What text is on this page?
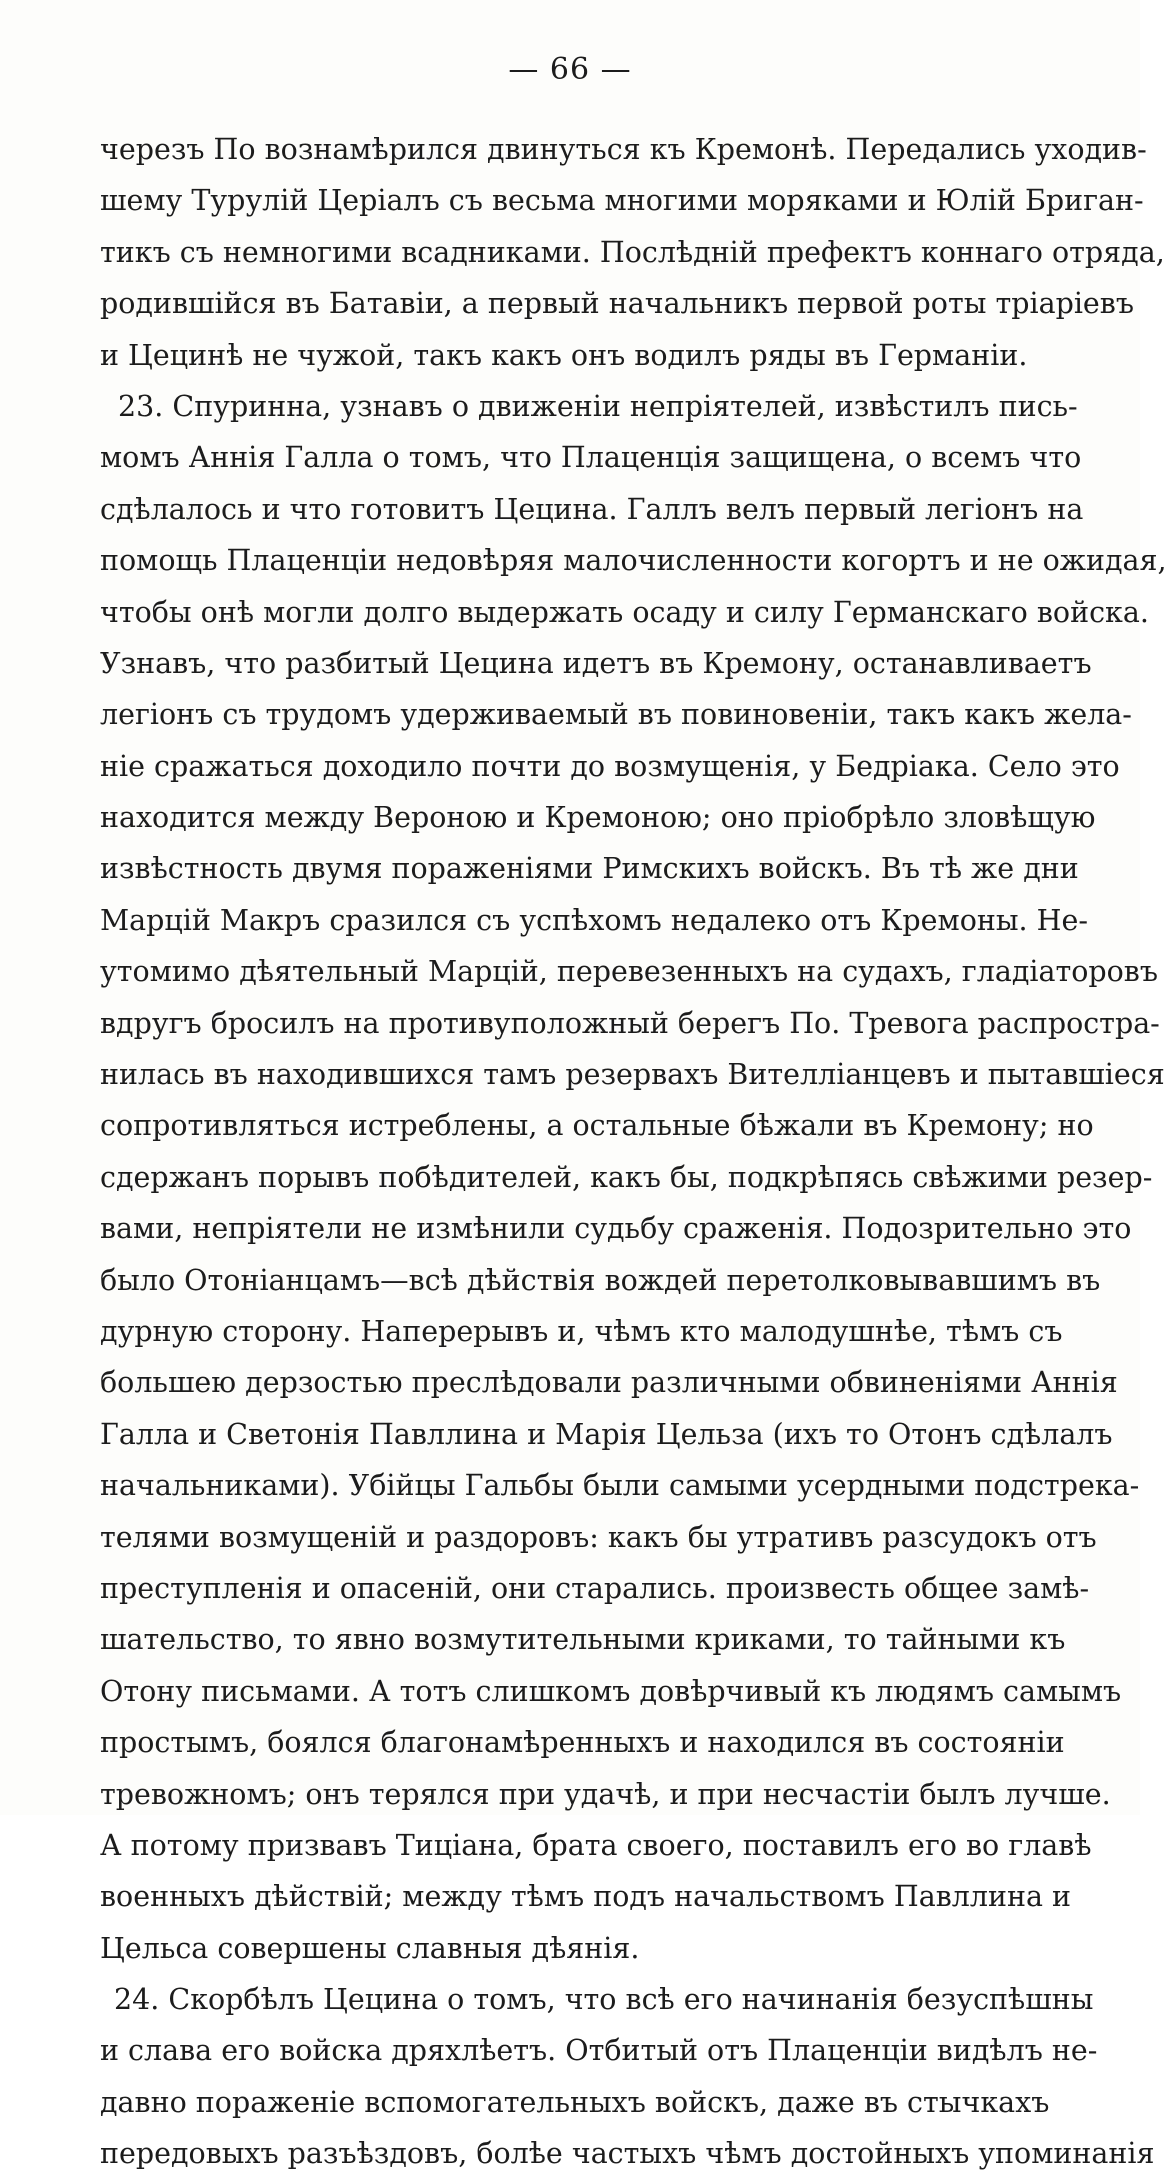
— 66 —
черезъ По вознамѣрился двинуться къ Кремонѣ. Передались уходив-
шему Турулій Церіалъ съ весьма многими моряками и Юлій Бриган-
тикъ съ немногими всадниками. Послѣдній префектъ коннаго отряда,
родившійся въ Батавіи, а первый начальникъ первой роты тріаріевъ
и Цецинѣ не чужой, такъ какъ онъ водилъ ряды въ Германіи.
23. Спуринна, узнавъ о движеніи непріятелей, извѣстилъ пись-
момъ Аннія Галла о томъ, что Плаценція защищена, о всемъ что
сдѣлалось и что готовитъ Цецина. Галлъ велъ первый легіонъ на
помощь Плаценціи недовѣряя малочисленности когортъ и не ожидая,
чтобы онѣ могли долго выдержать осаду и силу Германскаго войска.
Узнавъ, что разбитый Цецина идетъ въ Кремону, останавливаетъ
легіонъ съ трудомъ удерживаемый въ повиновеніи, такъ какъ жела-
ніе сражаться доходило почти до возмущенія, у Бедріака. Село это
находится между Вероною и Кремоною; оно пріобрѣло зловѣщую
извѣстность двумя пораженіями Римскихъ войскъ. Въ тѣ же дни
Марцій Макръ сразился съ успѣхомъ недалеко отъ Кремоны. Не-
утомимо дѣятельный Марцій, перевезенныхъ на судахъ, гладіаторовъ
вдругъ бросилъ на противуположный берегъ По. Тревога распростра-
нилась въ находившихся тамъ резервахъ Вителліанцевъ и пытавшіеся
сопротивляться истреблены, а остальные бѣжали въ Кремону; но
сдержанъ порывъ побѣдителей, какъ бы, подкрѣпясь свѣжими резер-
вами, непріятели не измѣнили судьбу сраженія. Подозрительно это
было Отоніанцамъ—всѣ дѣйствія вождей перетолковывавшимъ въ
дурную сторону. Наперерывъ и, чѣмъ кто малодушнѣе, тѣмъ съ
большею дерзостью преслѣдовали различными обвиненіями Аннія
Галла и Светонія Павллина и Марія Цельза (ихъ то Отонъ сдѣлалъ
начальниками). Убійцы Гальбы были самыми усердными подстрека-
телями возмущеній и раздоровъ: какъ бы утративъ разсудокъ отъ
преступленія и опасеній, они старались. произвесть общее замѣ-
шательство, то явно возмутительными криками, то тайными къ
Отону письмами. А тотъ слишкомъ довѣрчивый къ людямъ самымъ
простымъ, боялся благонамѣренныхъ и находился въ состояніи
тревожномъ; онъ терялся при удачѣ, и при несчастіи былъ лучше.
А потому призвавъ Тиціана, брата своего, поставилъ его во главѣ
военныхъ дѣйствій; между тѣмъ подъ начальствомъ Павллина и
Цельса совершены славныя дѣянія.
24. Скорбѣлъ Цецина о томъ, что всѣ его начинанія безуспѣшны
и слава его войска дряхлѣетъ. Отбитый отъ Плаценціи видѣлъ не-
давно пораженіе вспомогательныхъ войскъ, даже въ стычкахъ
передовыхъ разъѣздовъ, болѣе частыхъ чѣмъ достойныхъ упоминанія
